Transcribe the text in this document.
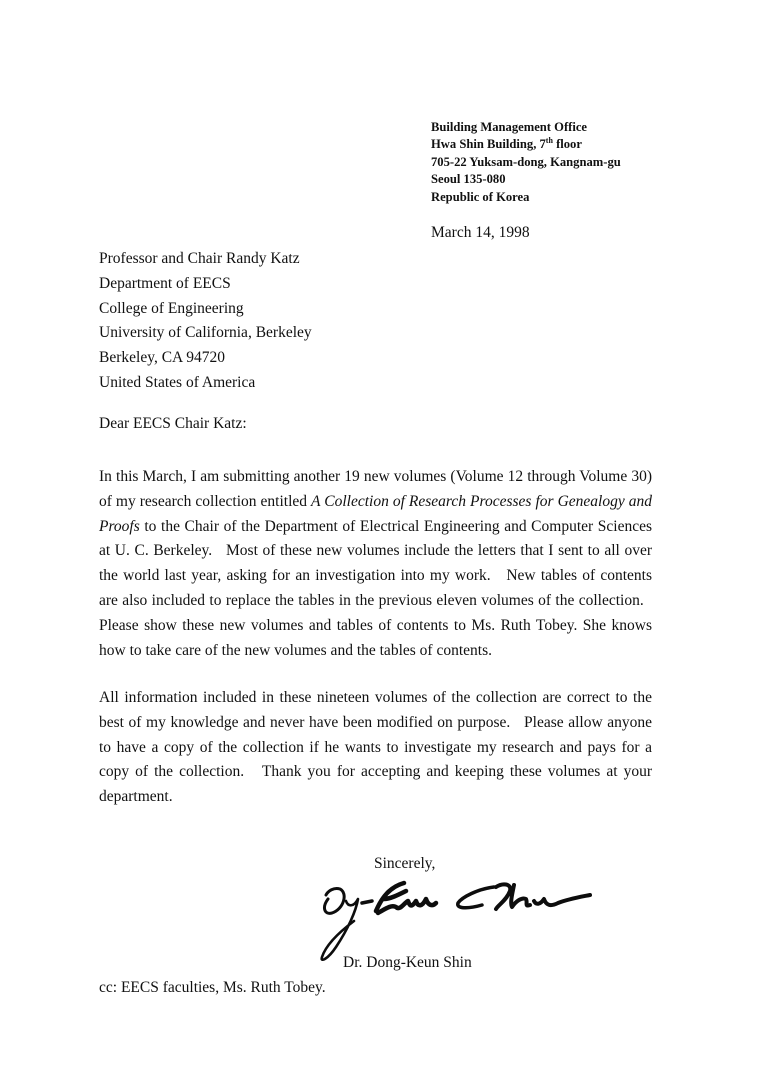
Building Management Office
Hwa Shin Building, 7th floor
705-22 Yuksam-dong, Kangnam-gu
Seoul 135-080
Republic of Korea
March 14, 1998
Professor and Chair Randy Katz
Department of EECS
College of Engineering
University of California, Berkeley
Berkeley, CA 94720
United States of America
Dear EECS Chair Katz:
In this March, I am submitting another 19 new volumes (Volume 12 through Volume 30) of my research collection entitled A Collection of Research Processes for Genealogy and Proofs to the Chair of the Department of Electrical Engineering and Computer Sciences at U. C. Berkeley.   Most of these new volumes include the letters that I sent to all over the world last year, asking for an investigation into my work.   New tables of contents are also included to replace the tables in the previous eleven volumes of the collection.   Please show these new volumes and tables of contents to Ms. Ruth Tobey. She knows how to take care of the new volumes and the tables of contents.
All information included in these nineteen volumes of the collection are correct to the best of my knowledge and never have been modified on purpose.   Please allow anyone to have a copy of the collection if he wants to investigate my research and pays for a copy of the collection.   Thank you for accepting and keeping these volumes at your department.
Sincerely,
Dr. Dong-Keun Shin
cc: EECS faculties, Ms. Ruth Tobey.
